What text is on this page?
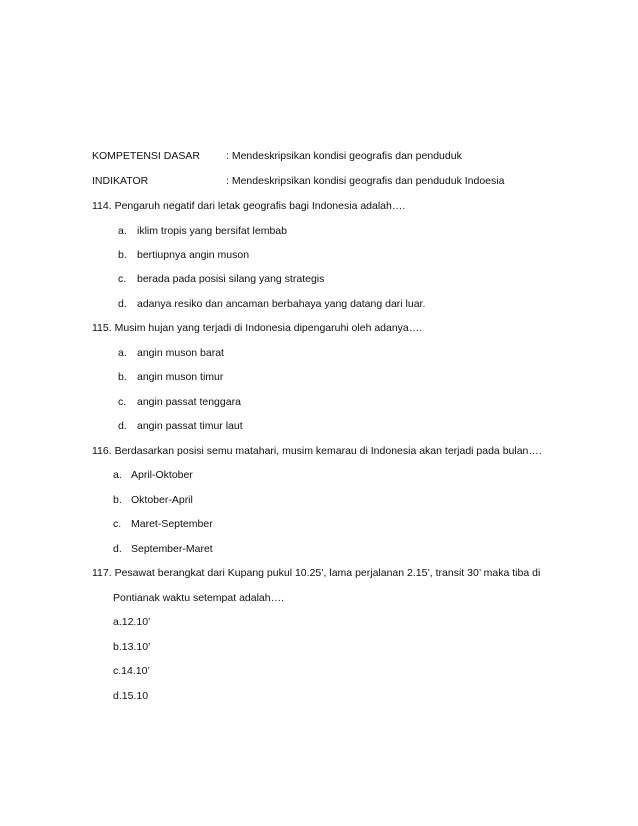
KOMPETENSI DASAR : Mendeskripsikan kondisi geografis dan penduduk
INDIKATOR	: Mendeskripsikan kondisi geografis dan penduduk Indoesia
114. Pengaruh negatif dari letak geografis bagi Indonesia adalah….
a. iklim tropis yang bersifat lembab
b. bertiupnya angin muson
c. berada pada posisi silang yang strategis
d. adanya resiko dan ancaman berbahaya yang datang dari luar.
115. Musim hujan yang terjadi di Indonesia dipengaruhi oleh adanya….
a. angin muson barat
b. angin muson timur
c. angin passat tenggara
d. angin passat timur laut
116. Berdasarkan posisi semu matahari, musim kemarau di Indonesia akan terjadi pada bulan….
a. April-Oktober
b. Oktober-April
c. Maret-September
d. September-Maret
117. Pesawat berangkat dari Kupang pukul 10.25’, lama perjalanan 2.15’, transit 30’ maka tiba di
Pontianak waktu setempat adalah….
a.12.10’
b.13.10’
c.14.10’
d.15.10
